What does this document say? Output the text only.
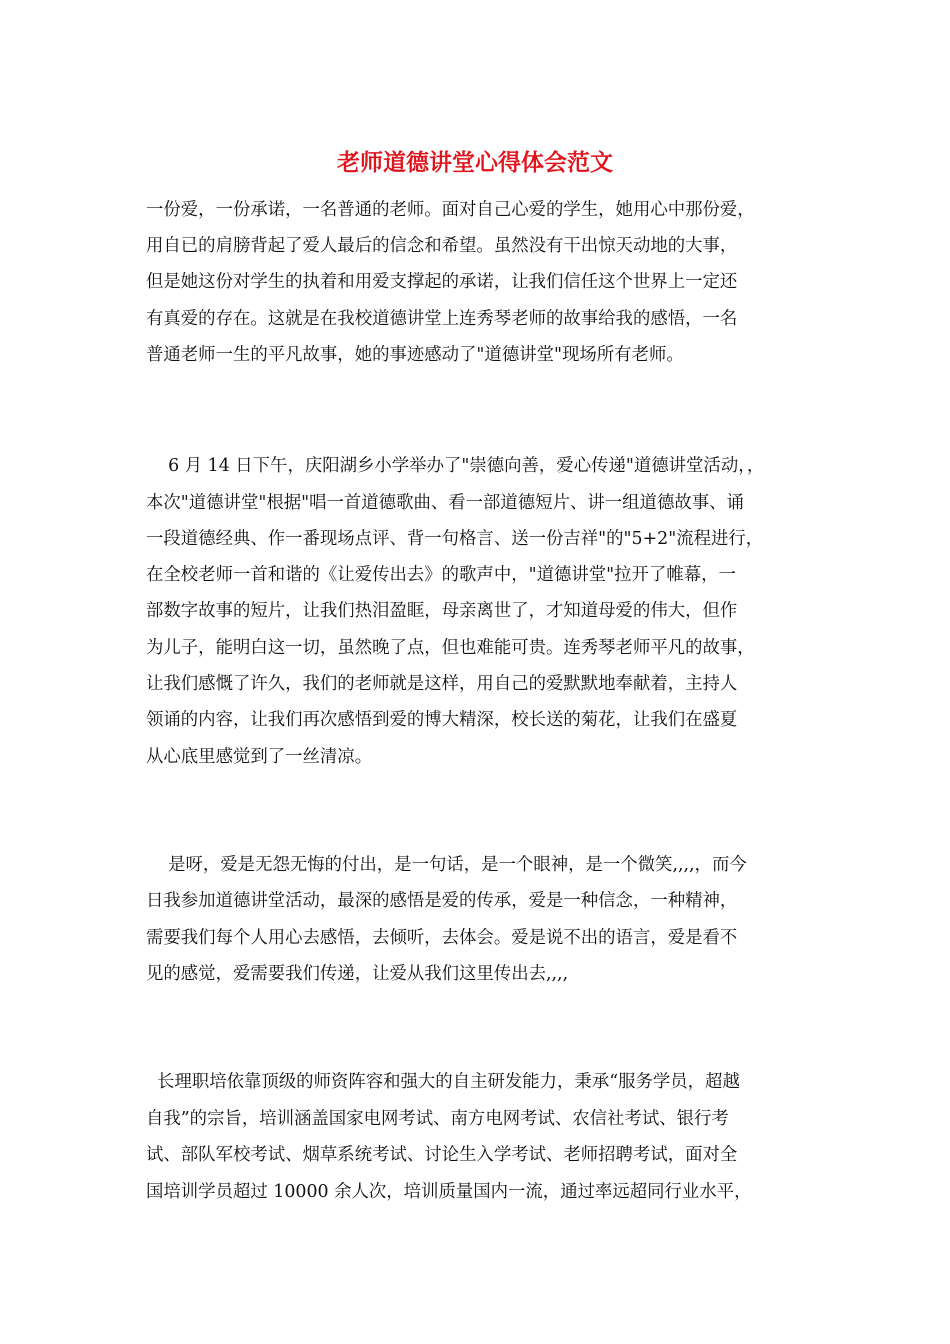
老师道德讲堂心得体会范文
一份爱，一份承诺，一名普通的老师。面对自己心爱的学生，她用心中那份爱，
用自已的肩膀背起了爱人最后的信念和希望。虽然没有干出惊天动地的大事，
但是她这份对学生的执着和用爱支撑起的承诺，让我们信任这个世界上一定还
有真爱的存在。这就是在我校道德讲堂上连秀琴老师的故事给我的感悟，一名
普通老师一生的平凡故事，她的事迹感动了"道德讲堂"现场所有老师。
6 月 14 日下午，庆阳湖乡小学举办了"崇德向善，爱心传递"道德讲堂活动，，
本次"道德讲堂"根据"唱一首道德歌曲、看一部道德短片、讲一组道德故事、诵
一段道德经典、作一番现场点评、背一句格言、送一份吉祥"的"5+2"流程进行，
在全校老师一首和谐的《让爱传出去》的歌声中，"道德讲堂"拉开了帷幕，一
部数字故事的短片，让我们热泪盈眶，母亲离世了，才知道母爱的伟大，但作
为儿子，能明白这一切，虽然晚了点，但也难能可贵。连秀琴老师平凡的故事，
让我们感慨了许久，我们的老师就是这样，用自己的爱默默地奉献着，主持人
领诵的内容，让我们再次感悟到爱的博大精深，校长送的菊花，让我们在盛夏
从心底里感觉到了一丝清凉。
是呀，爱是无怨无悔的付出，是一句话，是一个眼神，是一个微笑,,,,，而今
日我参加道德讲堂活动，最深的感悟是爱的传承，爱是一种信念，一种精神，
需要我们每个人用心去感悟，去倾听，去体会。爱是说不出的语言，爱是看不
见的感觉，爱需要我们传递，让爱从我们这里传出去,,,,
长理职培依靠顶级的师资阵容和强大的自主研发能力，秉承“服务学员，超越
自我”的宗旨，培训涵盖国家电网考试、南方电网考试、农信社考试、银行考
试、部队军校考试、烟草系统考试、讨论生入学考试、老师招聘考试，面对全
国培训学员超过 10000 余人次，培训质量国内一流，通过率远超同行业水平，
